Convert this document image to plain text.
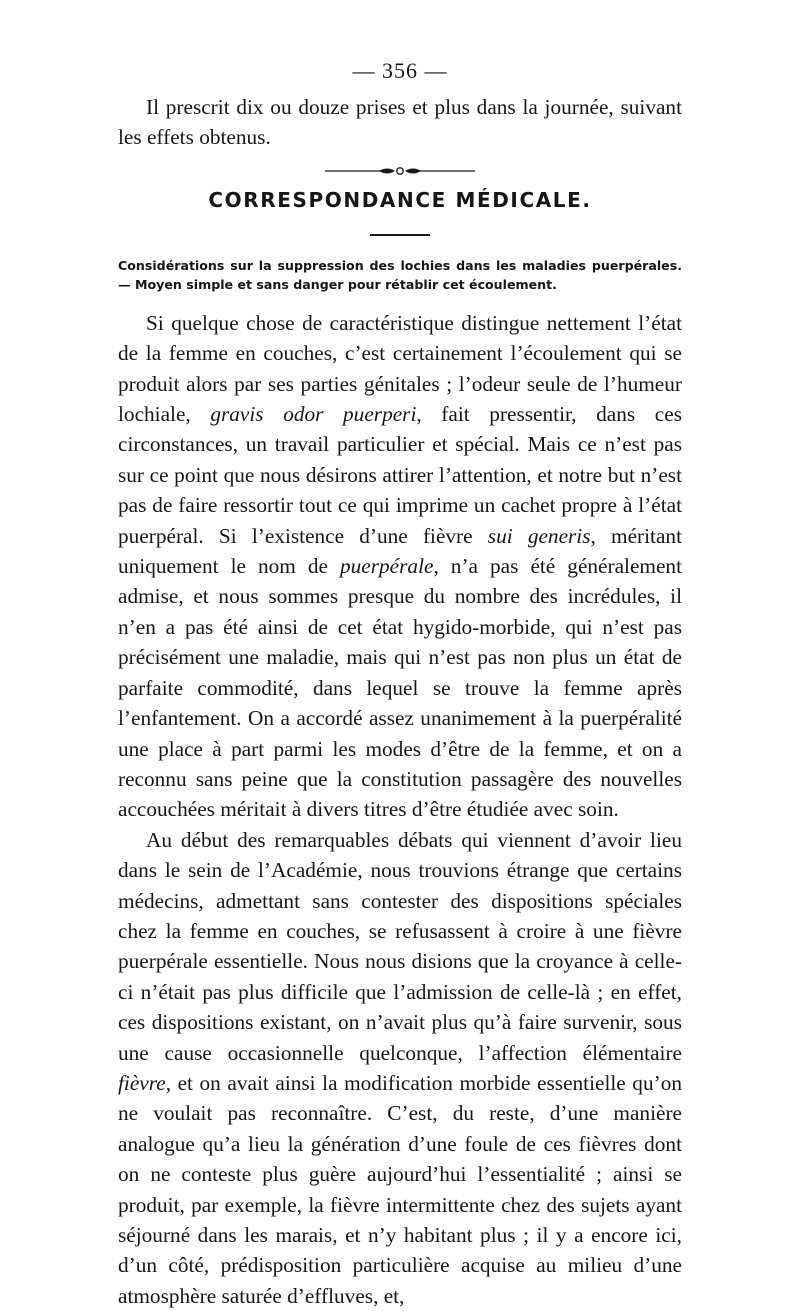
— 356 —

Il prescrit dix ou douze prises et plus dans la journée, suivant les effets obtenus.

CORRESPONDANCE MÉDICALE.
Considérations sur la suppression des lochies dans les maladies puerpérales. — Moyen simple et sans danger pour rétablir cet écoulement.

Si quelque chose de caractéristique distingue nettement l’état de la femme en couches, c’est certainement l’écoulement qui se produit alors par ses parties génitales ; l’odeur seule de l’humeur lochiale, gravis odor puerperi, fait pressentir, dans ces circonstances, un travail particulier et spécial. Mais ce n’est pas sur ce point que nous désirons attirer l’attention, et notre but n’est pas de faire ressortir tout ce qui imprime un cachet propre à l’état puerpéral. Si l’existence d’une fièvre sui generis, méritant uniquement le nom de puerpérale, n’a pas été généralement admise, et nous sommes presque du nombre des incrédules, il n’en a pas été ainsi de cet état hygido-morbide, qui n’est pas précisément une maladie, mais qui n’est pas non plus un état de parfaite commodité, dans lequel se trouve la femme après l’enfantement. On a accordé assez unanimement à la puerpéralité une place à part parmi les modes d’être de la femme, et on a reconnu sans peine que la constitution passagère des nouvelles accouchées méritait à divers titres d’être étudiée avec soin.

Au début des remarquables débats qui viennent d’avoir lieu dans le sein de l’Académie, nous trouvions étrange que certains médecins, admettant sans contester des dispositions spéciales chez la femme en couches, se refusassent à croire à une fièvre puerpérale essentielle. Nous nous disions que la croyance à celle-ci n’était pas plus difficile que l’admission de celle-là ; en effet, ces dispositions existant, on n’avait plus qu’à faire survenir, sous une cause occasionnelle quelconque, l’affection élémentaire fièvre, et on avait ainsi la modification morbide essentielle qu’on ne voulait pas reconnaître. C’est, du reste, d’une manière analogue qu’a lieu la génération d’une foule de ces fièvres dont on ne conteste plus guère aujourd’hui l’essentialité ; ainsi se produit, par exemple, la fièvre intermittente chez des sujets ayant séjourné dans les marais, et n’y habitant plus ; il y a encore ici, d’un côté, prédisposition particulière acquise au milieu d’une atmosphère saturée d’effluves, et,
